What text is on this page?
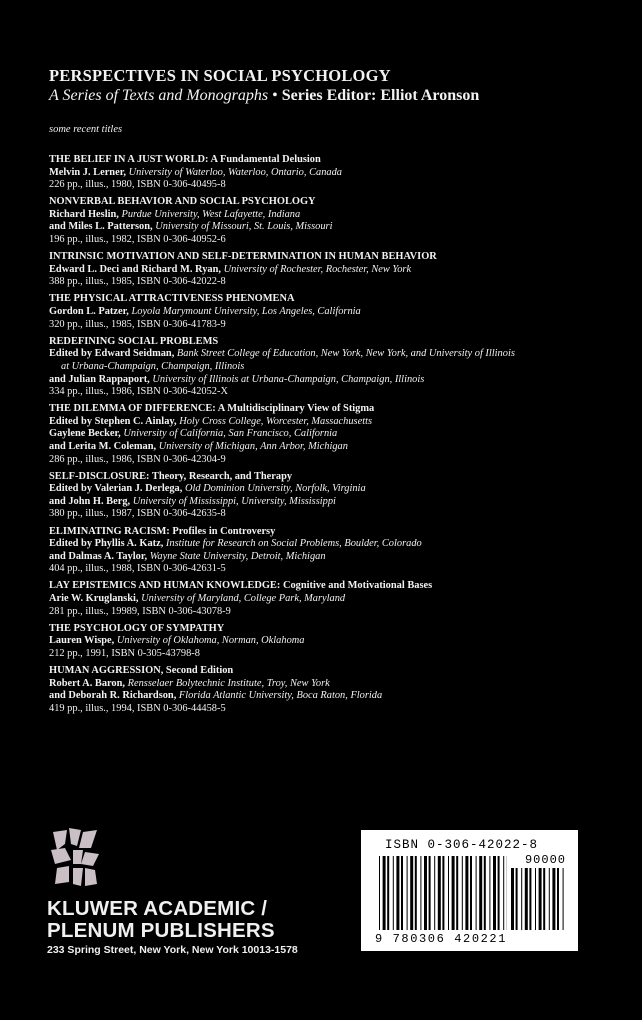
PERSPECTIVES IN SOCIAL PSYCHOLOGY
A Series of Texts and Monographs • Series Editor: Elliot Aronson
some recent titles
THE BELIEF IN A JUST WORLD: A Fundamental Delusion
Melvin J. Lerner, University of Waterloo, Waterloo, Ontario, Canada
226 pp., illus., 1980, ISBN 0-306-40495-8
NONVERBAL BEHAVIOR AND SOCIAL PSYCHOLOGY
Richard Heslin, Purdue University, West Lafayette, Indiana
and Miles L. Patterson, University of Missouri, St. Louis, Missouri
196 pp., illus., 1982, ISBN 0-306-40952-6
INTRINSIC MOTIVATION AND SELF-DETERMINATION IN HUMAN BEHAVIOR
Edward L. Deci and Richard M. Ryan, University of Rochester, Rochester, New York
388 pp., illus., 1985, ISBN 0-306-42022-8
THE PHYSICAL ATTRACTIVENESS PHENOMENA
Gordon L. Patzer, Loyola Marymount University, Los Angeles, California
320 pp., illus., 1985, ISBN 0-306-41783-9
REDEFINING SOCIAL PROBLEMS
Edited by Edward Seidman, Bank Street College of Education, New York, New York, and University of Illinois
at Urbana-Champaign, Champaign, Illinois
and Julian Rappaport, University of Illinois at Urbana-Champaign, Champaign, Illinois
334 pp., illus., 1986, ISBN 0-306-42052-X
THE DILEMMA OF DIFFERENCE: A Multidisciplinary View of Stigma
Edited by Stephen C. Ainlay, Holy Cross College, Worcester, Massachusetts
Gaylene Becker, University of California, San Francisco, California
and Lerita M. Coleman, University of Michigan, Ann Arbor, Michigan
286 pp., illus., 1986, ISBN 0-306-42304-9
SELF-DISCLOSURE: Theory, Research, and Therapy
Edited by Valerian J. Derlega, Old Dominion University, Norfolk, Virginia
and John H. Berg, University of Mississippi, University, Mississippi
380 pp., illus., 1987, ISBN 0-306-42635-8
ELIMINATING RACISM: Profiles in Controversy
Edited by Phyllis A. Katz, Institute for Research on Social Problems, Boulder, Colorado
and Dalmas A. Taylor, Wayne State University, Detroit, Michigan
404 pp., illus., 1988, ISBN 0-306-42631-5
LAY EPISTEMICS AND HUMAN KNOWLEDGE: Cognitive and Motivational Bases
Arie W. Kruglanski, University of Maryland, College Park, Maryland
281 pp., illus., 19989, ISBN 0-306-43078-9
THE PSYCHOLOGY OF SYMPATHY
Lauren Wispe, University of Oklahoma, Norman, Oklahoma
212 pp., 1991, ISBN 0-305-43798-8
HUMAN AGGRESSION, Second Edition
Robert A. Baron, Rensselaer Bolytechnic Institute, Troy, New York
and Deborah R. Richardson, Florida Atlantic University, Boca Raton, Florida
419 pp., illus., 1994, ISBN 0-306-44458-5
KLUWER ACADEMIC /
PLENUM PUBLISHERS
233 Spring Street, New York, New York 10013-1578
ISBN 0-306-42022-8
90000
9 780306 420221
